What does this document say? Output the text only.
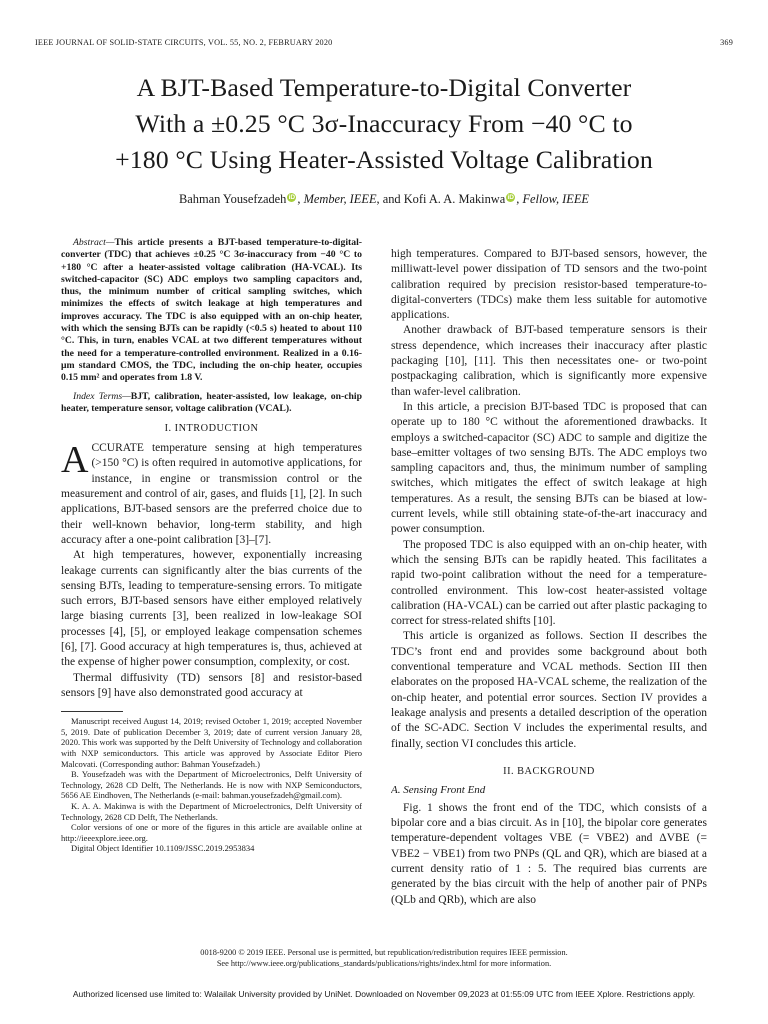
IEEE JOURNAL OF SOLID-STATE CIRCUITS, VOL. 55, NO. 2, FEBRUARY 2020	369
A BJT-Based Temperature-to-Digital Converter
With a ±0.25 °C 3σ-Inaccuracy From −40 °C to
+180 °C Using Heater-Assisted Voltage Calibration
Bahman Yousefzadeh iD , Member, IEEE, and Kofi A. A. Makinwa iD , Fellow, IEEE

Abstract—This article presents a BJT-based temperature-to-digital-converter (TDC) that achieves ±0.25 °C 3σ-inaccuracy from −40 °C to +180 °C after a heater-assisted voltage calibration (HA-VCAL). Its switched-capacitor (SC) ADC employs two sampling capacitors and, thus, the minimum number of critical sampling switches, which minimizes the effects of switch leakage at high temperatures and improves accuracy. The TDC is also equipped with an on-chip heater, with which the sensing BJTs can be rapidly (<0.5 s) heated to about 110 °C. This, in turn, enables VCAL at two different temperatures without the need for a temperature-controlled environment. Realized in a 0.16-μm standard CMOS, the TDC, including the on-chip heater, occupies 0.15 mm² and operates from 1.8 V.

Index Terms—BJT, calibration, heater-assisted, low leakage, on-chip heater, temperature sensor, voltage calibration (VCAL).

I. INTRODUCTION

ACCURATE temperature sensing at high temperatures (>150 °C) is often required in automotive applications, for instance, in engine or transmission control or the measurement and control of air, gases, and fluids [1], [2]. In such applications, BJT-based sensors are the preferred choice due to their well-known behavior, long-term stability, and high accuracy after a one-point calibration [3]–[7].

At high temperatures, however, exponentially increasing leakage currents can significantly alter the bias currents of the sensing BJTs, leading to temperature-sensing errors. To mitigate such errors, BJT-based sensors have either employed relatively large biasing currents [3], been realized in low-leakage SOI processes [4], [5], or employed leakage compensation schemes [6], [7]. Good accuracy at high temperatures is, thus, achieved at the expense of higher power consumption, complexity, or cost.

Thermal diffusivity (TD) sensors [8] and resistor-based sensors [9] have also demonstrated good accuracy at

Manuscript received August 14, 2019; revised October 1, 2019; accepted November 5, 2019. Date of publication December 3, 2019; date of current version January 28, 2020. This work was supported by the Delft University of Technology and collaboration with NXP semiconductors. This article was approved by Associate Editor Piero Malcovati. (Corresponding author: Bahman Yousefzadeh.)

B. Yousefzadeh was with the Department of Microelectronics, Delft University of Technology, 2628 CD Delft, The Netherlands. He is now with NXP Semiconductors, 5656 AE Eindhoven, The Netherlands (e-mail: bahman.yousefzadeh@gmail.com).

K. A. A. Makinwa is with the Department of Microelectronics, Delft University of Technology, 2628 CD Delft, The Netherlands.

Color versions of one or more of the figures in this article are available online at http://ieeexplore.ieee.org.

Digital Object Identifier 10.1109/JSSC.2019.2953834

high temperatures. Compared to BJT-based sensors, however, the milliwatt-level power dissipation of TD sensors and the two-point calibration required by precision resistor-based temperature-to-digital-converters (TDCs) make them less suitable for automotive applications.

Another drawback of BJT-based temperature sensors is their stress dependence, which increases their inaccuracy after plastic packaging [10], [11]. This then necessitates one- or two-point postpackaging calibration, which is significantly more expensive than wafer-level calibration.

In this article, a precision BJT-based TDC is proposed that can operate up to 180 °C without the aforementioned drawbacks. It employs a switched-capacitor (SC) ADC to sample and digitize the base–emitter voltages of two sensing BJTs. The ADC employs two sampling capacitors and, thus, the minimum number of sampling switches, which mitigates the effect of switch leakage at high temperatures. As a result, the sensing BJTs can be biased at low-current levels, while still obtaining state-of-the-art inaccuracy and power consumption.

The proposed TDC is also equipped with an on-chip heater, with which the sensing BJTs can be rapidly heated. This facilitates a rapid two-point calibration without the need for a temperature-controlled environment. This low-cost heater-assisted voltage calibration (HA-VCAL) can be carried out after plastic packaging to correct for stress-related shifts [10].

This article is organized as follows. Section II describes the TDC’s front end and provides some background about both conventional temperature and VCAL methods. Section III then elaborates on the proposed HA-VCAL scheme, the realization of the on-chip heater, and potential error sources. Section IV provides a leakage analysis and presents a detailed description of the operation of the SC-ADC. Section V includes the experimental results, and finally, section VI concludes this article.

II. BACKGROUND
A. Sensing Front End

Fig. 1 shows the front end of the TDC, which consists of a bipolar core and a bias circuit. As in [10], the bipolar core generates temperature-dependent voltages VBE (= VBE2) and ΔVBE (= VBE2 − VBE1) from two PNPs (QL and QR), which are biased at a current density ratio of 1 : 5. The required bias currents are generated by the bias circuit with the help of another pair of PNPs (QLb and QRb), which are also

0018-9200 © 2019 IEEE. Personal use is permitted, but republication/redistribution requires IEEE permission.
See http://www.ieee.org/publications_standards/publications/rights/index.html for more information.
Authorized licensed use limited to: Walailak University provided by UniNet. Downloaded on November 09,2023 at 01:55:09 UTC from IEEE Xplore. Restrictions apply.
